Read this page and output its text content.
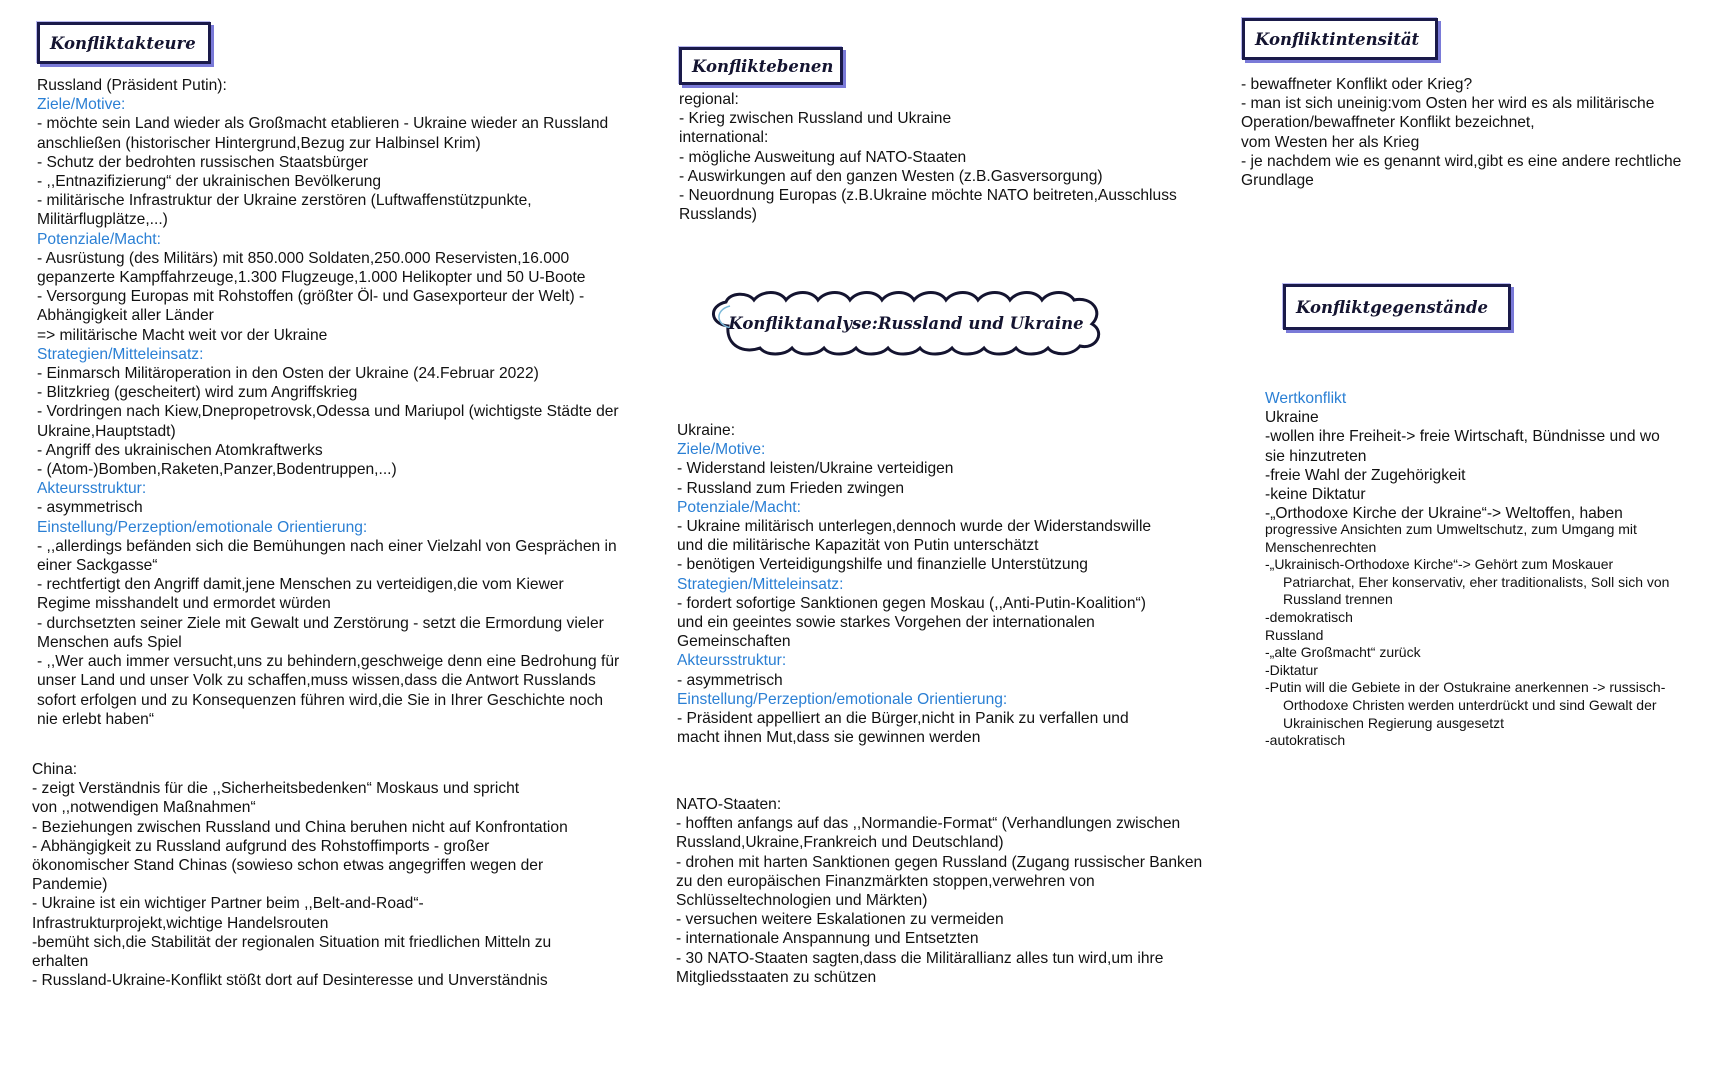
Konfliktakteure
Konfliktebenen
Konfliktintensität
Konfliktgegenstände
Konfliktanalyse:Russland und Ukraine
Russland (Präsident Putin):
Ziele/Motive:
- möchte sein Land wieder als Großmacht etablieren - Ukraine wieder an Russland
anschließen (historischer Hintergrund,Bezug zur Halbinsel Krim)
- Schutz der bedrohten russischen Staatsbürger
- ,,Entnazifizierung“ der ukrainischen Bevölkerung
- militärische Infrastruktur der Ukraine zerstören (Luftwaffenstützpunkte,
Militärflugplätze,...)
Potenziale/Macht:
- Ausrüstung (des Militärs) mit 850.000 Soldaten,250.000 Reservisten,16.000
gepanzerte Kampffahrzeuge,1.300 Flugzeuge,1.000 Helikopter und 50 U-Boote
- Versorgung Europas mit Rohstoffen (größter Öl- und Gasexporteur der Welt) -
Abhängigkeit aller Länder
=> militärische Macht weit vor der Ukraine
Strategien/Mitteleinsatz:
- Einmarsch Militäroperation in den Osten der Ukraine (24.Februar 2022)
- Blitzkrieg (gescheitert) wird zum Angriffskrieg
- Vordringen nach Kiew,Dnepropetrovsk,Odessa und Mariupol (wichtigste Städte der
Ukraine,Hauptstadt)
- Angriff des ukrainischen Atomkraftwerks
- (Atom-)Bomben,Raketen,Panzer,Bodentruppen,...)
Akteursstruktur:
- asymmetrisch
Einstellung/Perzeption/emotionale Orientierung:
- ,,allerdings befänden sich die Bemühungen nach einer Vielzahl von Gesprächen in
einer Sackgasse“
- rechtfertigt den Angriff damit,jene Menschen zu verteidigen,die vom Kiewer
Regime misshandelt und ermordet würden
- durchsetzten seiner Ziele mit Gewalt und Zerstörung - setzt die Ermordung vieler
Menschen aufs Spiel
- ,,Wer auch immer versucht,uns zu behindern,geschweige denn eine Bedrohung für
unser Land und unser Volk zu schaffen,muss wissen,dass die Antwort Russlands
sofort erfolgen und zu Konsequenzen führen wird,die Sie in Ihrer Geschichte noch
nie erlebt haben“
China:
- zeigt Verständnis für die ,,Sicherheitsbedenken“ Moskaus und spricht
von ,,notwendigen Maßnahmen“
- Beziehungen zwischen Russland und China beruhen nicht auf Konfrontation
- Abhängigkeit zu Russland aufgrund des Rohstoffimports - großer
ökonomischer Stand Chinas (sowieso schon etwas angegriffen wegen der
Pandemie)
- Ukraine ist ein wichtiger Partner beim ,,Belt-and-Road“-
Infrastrukturprojekt,wichtige Handelsrouten
-bemüht sich,die Stabilität der regionalen Situation mit friedlichen Mitteln zu
erhalten
- Russland-Ukraine-Konflikt stößt dort auf Desinteresse und Unverständnis
regional:
- Krieg zwischen Russland und Ukraine
international:
- mögliche Ausweitung auf NATO-Staaten
- Auswirkungen auf den ganzen Westen (z.B.Gasversorgung)
- Neuordnung Europas (z.B.Ukraine möchte NATO beitreten,Ausschluss
Russlands)
Ukraine:
Ziele/Motive:
- Widerstand leisten/Ukraine verteidigen
- Russland zum Frieden zwingen
Potenziale/Macht:
- Ukraine militärisch unterlegen,dennoch wurde der Widerstandswille
und die militärische Kapazität von Putin unterschätzt
- benötigen Verteidigungshilfe und finanzielle Unterstützung
Strategien/Mitteleinsatz:
- fordert sofortige Sanktionen gegen Moskau (,,Anti-Putin-Koalition“)
und ein geeintes sowie starkes Vorgehen der internationalen
Gemeinschaften
Akteursstruktur:
- asymmetrisch
Einstellung/Perzeption/emotionale Orientierung:
- Präsident appelliert an die Bürger,nicht in Panik zu verfallen und
macht ihnen Mut,dass sie gewinnen werden
NATO-Staaten:
- hofften anfangs auf das ,,Normandie-Format“ (Verhandlungen zwischen
Russland,Ukraine,Frankreich und Deutschland)
- drohen mit harten Sanktionen gegen Russland (Zugang russischer Banken
zu den europäischen Finanzmärkten stoppen,verwehren von
Schlüsseltechnologien und Märkten)
- versuchen weitere Eskalationen zu vermeiden
- internationale Anspannung und Entsetzten
- 30 NATO-Staaten sagten,dass die Militärallianz alles tun wird,um ihre
Mitgliedsstaaten zu schützen
- bewaffneter Konflikt oder Krieg?
- man ist sich uneinig:vom Osten her wird es als militärische
Operation/bewaffneter Konflikt bezeichnet,
vom Westen her als Krieg
- je nachdem wie es genannt wird,gibt es eine andere rechtliche
Grundlage
Wertkonflikt
Ukraine
-wollen ihre Freiheit-> freie Wirtschaft, Bündnisse und wo
sie hinzutreten
-freie Wahl der Zugehörigkeit
-keine Diktatur
-„Orthodoxe Kirche der Ukraine“-> Weltoffen, haben
progressive Ansichten zum Umweltschutz, zum Umgang mit
Menschenrechten
-„Ukrainisch-Orthodoxe Kirche“-> Gehört zum Moskauer
Patriarchat, Eher konservativ, eher traditionalists, Soll sich von
Russland trennen
-demokratisch
Russland
-„alte Großmacht“ zurück
-Diktatur
-Putin will die Gebiete in der Ostukraine anerkennen -> russisch-
Orthodoxe Christen werden unterdrückt und sind Gewalt der
Ukrainischen Regierung ausgesetzt
-autokratisch
